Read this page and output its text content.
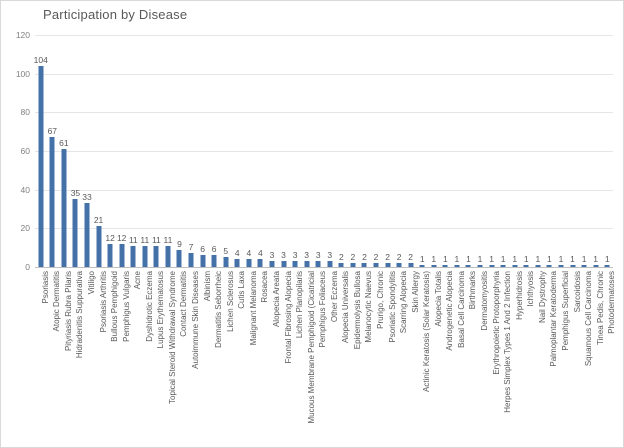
Participation by Disease
0
20
40
60
80
100
120
104
67
61
35 33
21
12 12 11 11 11 11 9 7 6 6 5 4 4 4 3 3 3 3 3 3 2 2 2 2 2 2 2 1 1 1 1 1 1 1 1 1 1 1 1 1 1 1 1 1
Psoriasis Atopic Dermatitis Pityriasis Rubra Pilaris Hidradenitis Suppurativa Vitiligo Psoriasis Arthritis Bullous Pemphigoid Pemphigus Vulgaris Acne Dyshidrotic Eczema Lupus Erythematosus Topical Steroid Withdrawal Syndrome Contact Dermatitis Autoimmune Skin Diseases Albinism Dermatitis Seborrheic Lichen Sclerosus Cutis Laxa Malignant Melanoma Rosacea Alopecia Areata Frontal Fibrosing Alopecia Lichen Planopilaris Mucous Membrane Pemphigoid (Cicatricial Pemphigus Foliaceus Other Eczema Alopecia Universalis Epidermolysis Bullosa Melanocytic Naevus Prurigo, Chronic Psoriatic Spondylitis Scarring Alopecia Skin Allergy Actinic Keratosis (Solar Keratosis) Alopecia Totalis Androgenetic Alopecia Basal Cell Carcinoma Birthmarks Dermatomyositis Erythropoietic Protoporphyria Herpes Simplex Types 1 And 2 Infection Hyperhidrosis Ichthyosis Nail Dystrophy Palmoplantar Keratoderma Pemphigus Superficial Sarcoidosis Squamous Cell Carcinoma Tinea Pedis, Chronic Photodermatoses
